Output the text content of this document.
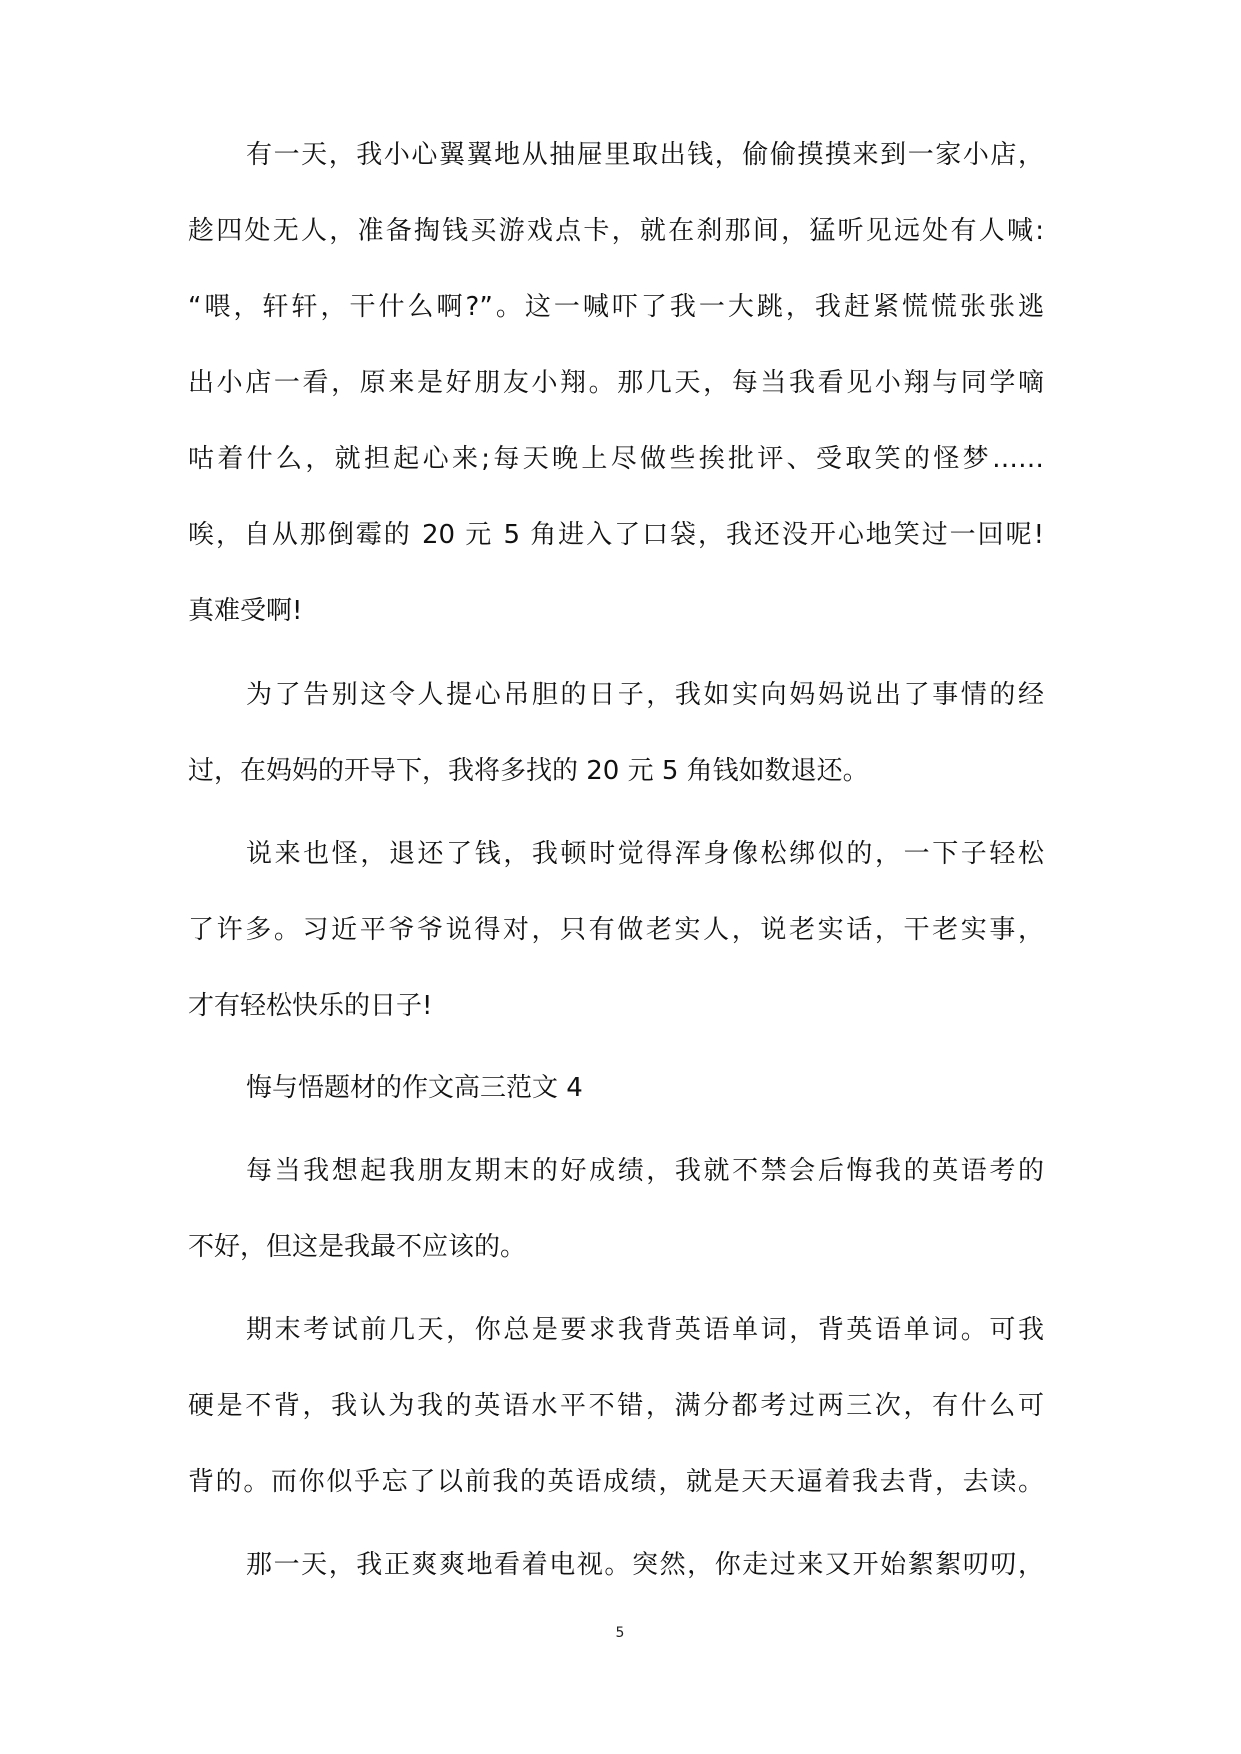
有一天，我小心翼翼地从抽屉里取出钱，偷偷摸摸来到一家小店，
趁四处无人，准备掏钱买游戏点卡，就在刹那间，猛听见远处有人喊:
“喂，轩轩，干什么啊?”。这一喊吓了我一大跳，我赶紧慌慌张张逃
出小店一看，原来是好朋友小翔。那几天，每当我看见小翔与同学嘀
咕着什么，就担起心来;每天晚上尽做些挨批评、受取笑的怪梦……
唉，自从那倒霉的 20 元 5 角进入了口袋，我还没开心地笑过一回呢!
真难受啊!
为了告别这令人提心吊胆的日子，我如实向妈妈说出了事情的经
过，在妈妈的开导下，我将多找的 20 元 5 角钱如数退还。
说来也怪，退还了钱，我顿时觉得浑身像松绑似的，一下子轻松
了许多。习近平爷爷说得对，只有做老实人，说老实话，干老实事，
才有轻松快乐的日子!
悔与悟题材的作文高三范文 4
每当我想起我朋友期末的好成绩，我就不禁会后悔我的英语考的
不好，但这是我最不应该的。
期末考试前几天，你总是要求我背英语单词，背英语单词。可我
硬是不背，我认为我的英语水平不错，满分都考过两三次，有什么可
背的。而你似乎忘了以前我的英语成绩，就是天天逼着我去背，去读。
那一天，我正爽爽地看着电视。突然，你走过来又开始絮絮叨叨，
5
